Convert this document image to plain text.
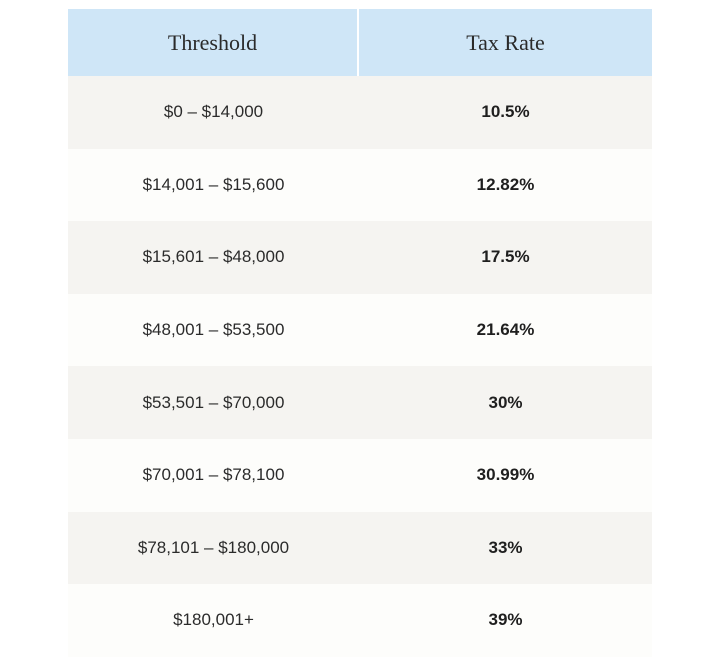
Threshold	Tax Rate
$0 – $14,000	10.5%
$14,001 – $15,600	12.82%
$15,601 – $48,000	17.5%
$48,001 – $53,500	21.64%
$53,501 – $70,000	30%
$70,001 – $78,100	30.99%
$78,101 – $180,000	33%
$180,001+	39%
